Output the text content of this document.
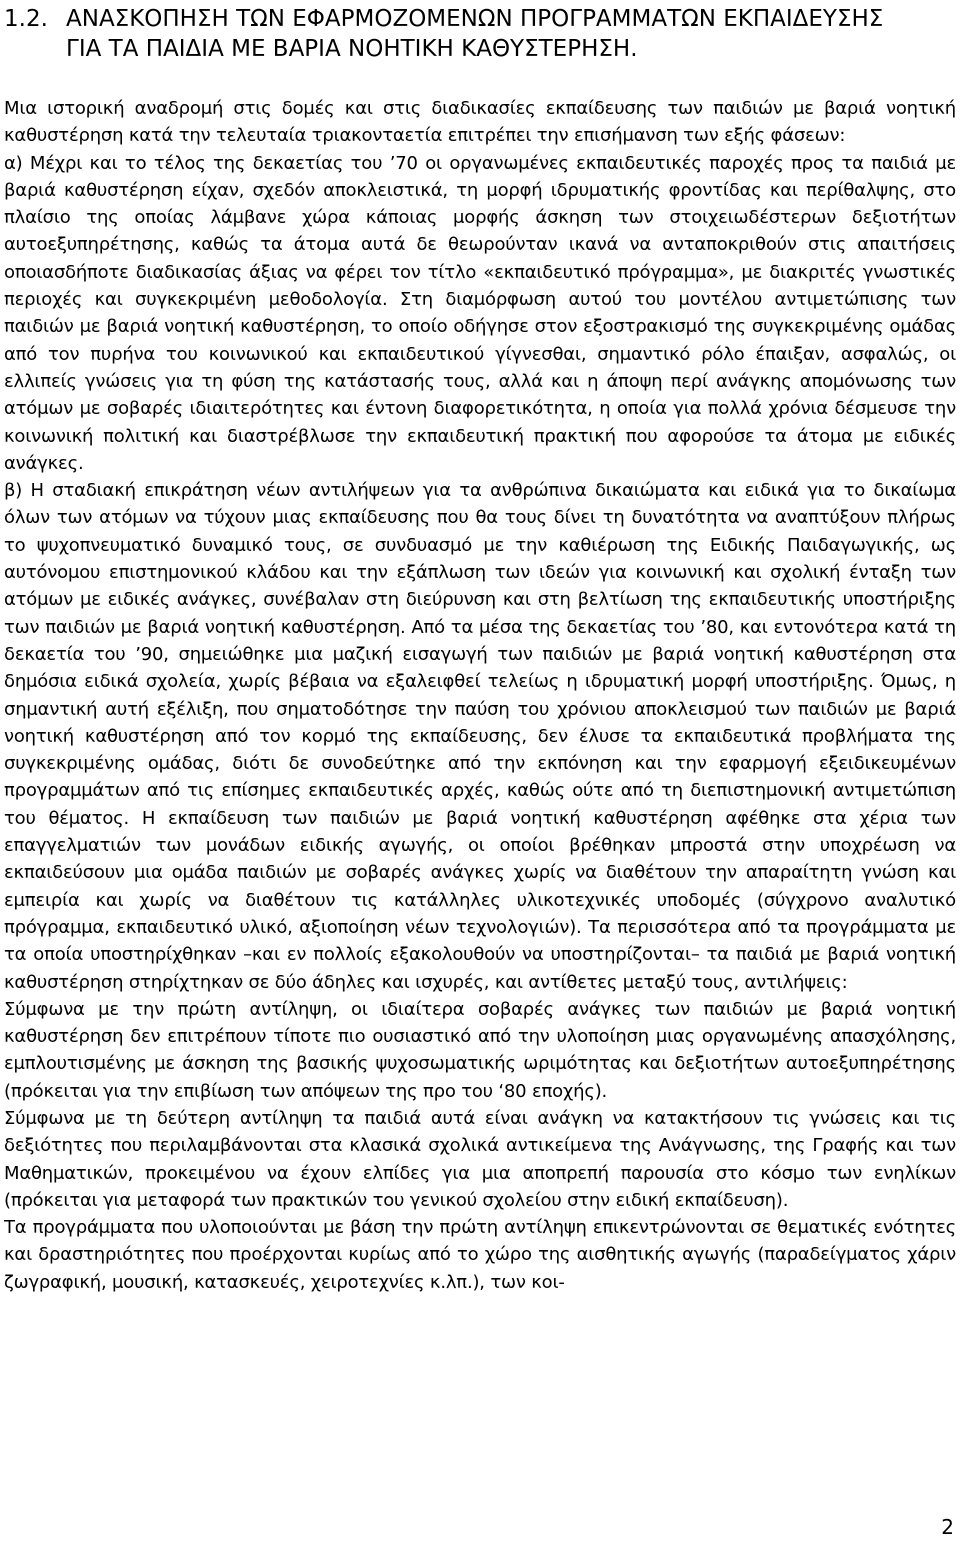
1.2. ΑΝΑΣΚΟΠΗΣΗ ΤΩΝ ΕΦΑΡΜΟΖΟΜΕΝΩΝ ΠΡΟΓΡΑΜΜΑΤΩΝ ΕΚΠΑΙΔΕΥΣΗΣ
ΓΙΑ ΤΑ ΠΑΙΔΙΑ ΜΕ ΒΑΡΙΑ ΝΟΗΤΙΚΗ ΚΑΘΥΣΤΕΡΗΣΗ.

Μια ιστορική αναδρομή στις δομές και στις διαδικασίες εκπαίδευσης των παιδιών με βαριά νοητική καθυστέρηση κατά την τελευταία τριακονταετία επιτρέπει την επισήμανση των εξής φάσεων:

α) Μέχρι και το τέλος της δεκαετίας του ’70 οι οργανωμένες εκπαιδευτικές παροχές προς τα παιδιά με βαριά καθυστέρηση είχαν, σχεδόν αποκλειστικά, τη μορφή ιδρυματικής φροντίδας και περίθαλψης, στο πλαίσιο της οποίας λάμβανε χώρα κάποιας μορφής άσκηση των στοιχειωδέστερων δεξιοτήτων αυτοεξυπηρέτησης, καθώς τα άτομα αυτά δε θεωρούνταν ικανά να ανταποκριθούν στις απαιτήσεις οποιασδήποτε διαδικασίας άξιας να φέρει τον τίτλο «εκπαιδευτικό πρόγραμμα», με διακριτές γνωστικές περιοχές και συγκεκριμένη μεθοδολογία. Στη διαμόρφωση αυτού του μοντέλου αντιμετώπισης των παιδιών με βαριά νοητική καθυστέρηση, το οποίο οδήγησε στον εξοστρακισμό της συγκεκριμένης ομάδας από τον πυρήνα του κοινωνικού και εκπαιδευτικού γίγνεσθαι, σημαντικό ρόλο έπαιξαν, ασφαλώς, οι ελλιπείς γνώσεις για τη φύση της κατάστασής τους, αλλά και η άποψη περί ανάγκης απομόνωσης των ατόμων με σοβαρές ιδιαιτερότητες και έντονη διαφορετικότητα, η οποία για πολλά χρόνια δέσμευσε την κοινωνική πολιτική και διαστρέβλωσε την εκπαιδευτική πρακτική που αφορούσε τα άτομα με ειδικές ανάγκες.

β) Η σταδιακή επικράτηση νέων αντιλήψεων για τα ανθρώπινα δικαιώματα και ειδικά για το δικαίωμα όλων των ατόμων να τύχουν μιας εκπαίδευσης που θα τους δίνει τη δυνατότητα να αναπτύξουν πλήρως το ψυχοπνευματικό δυναμικό τους, σε συνδυασμό με την καθιέρωση της Ειδικής Παιδαγωγικής, ως αυτόνομου επιστημονικού κλάδου και την εξάπλωση των ιδεών για κοινωνική και σχολική ένταξη των ατόμων με ειδικές ανάγκες, συνέβαλαν στη διεύρυνση και στη βελτίωση της εκπαιδευτικής υποστήριξης των παιδιών με βαριά νοητική καθυστέρηση. Από τα μέσα της δεκαετίας του ’80, και εντονότερα κατά τη δεκαετία του ’90, σημειώθηκε μια μαζική εισαγωγή των παιδιών με βαριά νοητική καθυστέρηση στα δημόσια ειδικά σχολεία, χωρίς βέβαια να εξαλειφθεί τελείως η ιδρυματική μορφή υποστήριξης. Όμως, η σημαντική αυτή εξέλιξη, που σηματοδότησε την παύση του χρόνιου αποκλεισμού των παιδιών με βαριά νοητική καθυστέρηση από τον κορμό της εκπαίδευσης, δεν έλυσε τα εκπαιδευτικά προβλήματα της συγκεκριμένης ομάδας, διότι δε συνοδεύτηκε από την εκπόνηση και την εφαρμογή εξειδικευμένων προγραμμάτων από τις επίσημες εκπαιδευτικές αρχές, καθώς ούτε από τη διεπιστημονική αντιμετώπιση του θέματος. Η εκπαίδευση των παιδιών με βαριά νοητική καθυστέρηση αφέθηκε στα χέρια των επαγγελματιών των μονάδων ειδικής αγωγής, οι οποίοι βρέθηκαν μπροστά στην υποχρέωση να εκπαιδεύσουν μια ομάδα παιδιών με σοβαρές ανάγκες χωρίς να διαθέτουν την απαραίτητη γνώση και εμπειρία και χωρίς να διαθέτουν τις κατάλληλες υλικοτεχνικές υποδομές (σύγχρονο αναλυτικό πρόγραμμα, εκπαιδευτικό υλικό, αξιοποίηση νέων τεχνολογιών). Τα περισσότερα από τα προγράμματα με τα οποία υποστηρίχθηκαν –και εν πολλοίς εξακολουθούν να υποστηρίζονται– τα παιδιά με βαριά νοητική καθυστέρηση στηρίχτηκαν σε δύο άδηλες και ισχυρές, και αντίθετες μεταξύ τους, αντιλήψεις:

Σύμφωνα με την πρώτη αντίληψη, οι ιδιαίτερα σοβαρές ανάγκες των παιδιών με βαριά νοητική καθυστέρηση δεν επιτρέπουν τίποτε πιο ουσιαστικό από την υλοποίηση μιας οργανωμένης απασχόλησης, εμπλουτισμένης με άσκηση της βασικής ψυχοσωματικής ωριμότητας και δεξιοτήτων αυτοεξυπηρέτησης (πρόκειται για την επιβίωση των απόψεων της προ του ‘80 εποχής).

Σύμφωνα με τη δεύτερη αντίληψη τα παιδιά αυτά είναι ανάγκη να κατακτήσουν τις γνώσεις και τις δεξιότητες που περιλαμβάνονται στα κλασικά σχολικά αντικείμενα της Ανάγνωσης, της Γραφής και των Μαθηματικών, προκειμένου να έχουν ελπίδες για μια αποπρεπή παρουσία στο κόσμο των ενηλίκων (πρόκειται για μεταφορά των πρακτικών του γενικού σχολείου στην ειδική εκπαίδευση).

Τα προγράμματα που υλοποιούνται με βάση την πρώτη αντίληψη επικεντρώνονται σε θεματικές ενότητες και δραστηριότητες που προέρχονται κυρίως από το χώρο της αισθητικής αγωγής (παραδείγματος χάριν ζωγραφική, μουσική, κατασκευές, χειροτεχνίες κ.λπ.), των κοι-

2
